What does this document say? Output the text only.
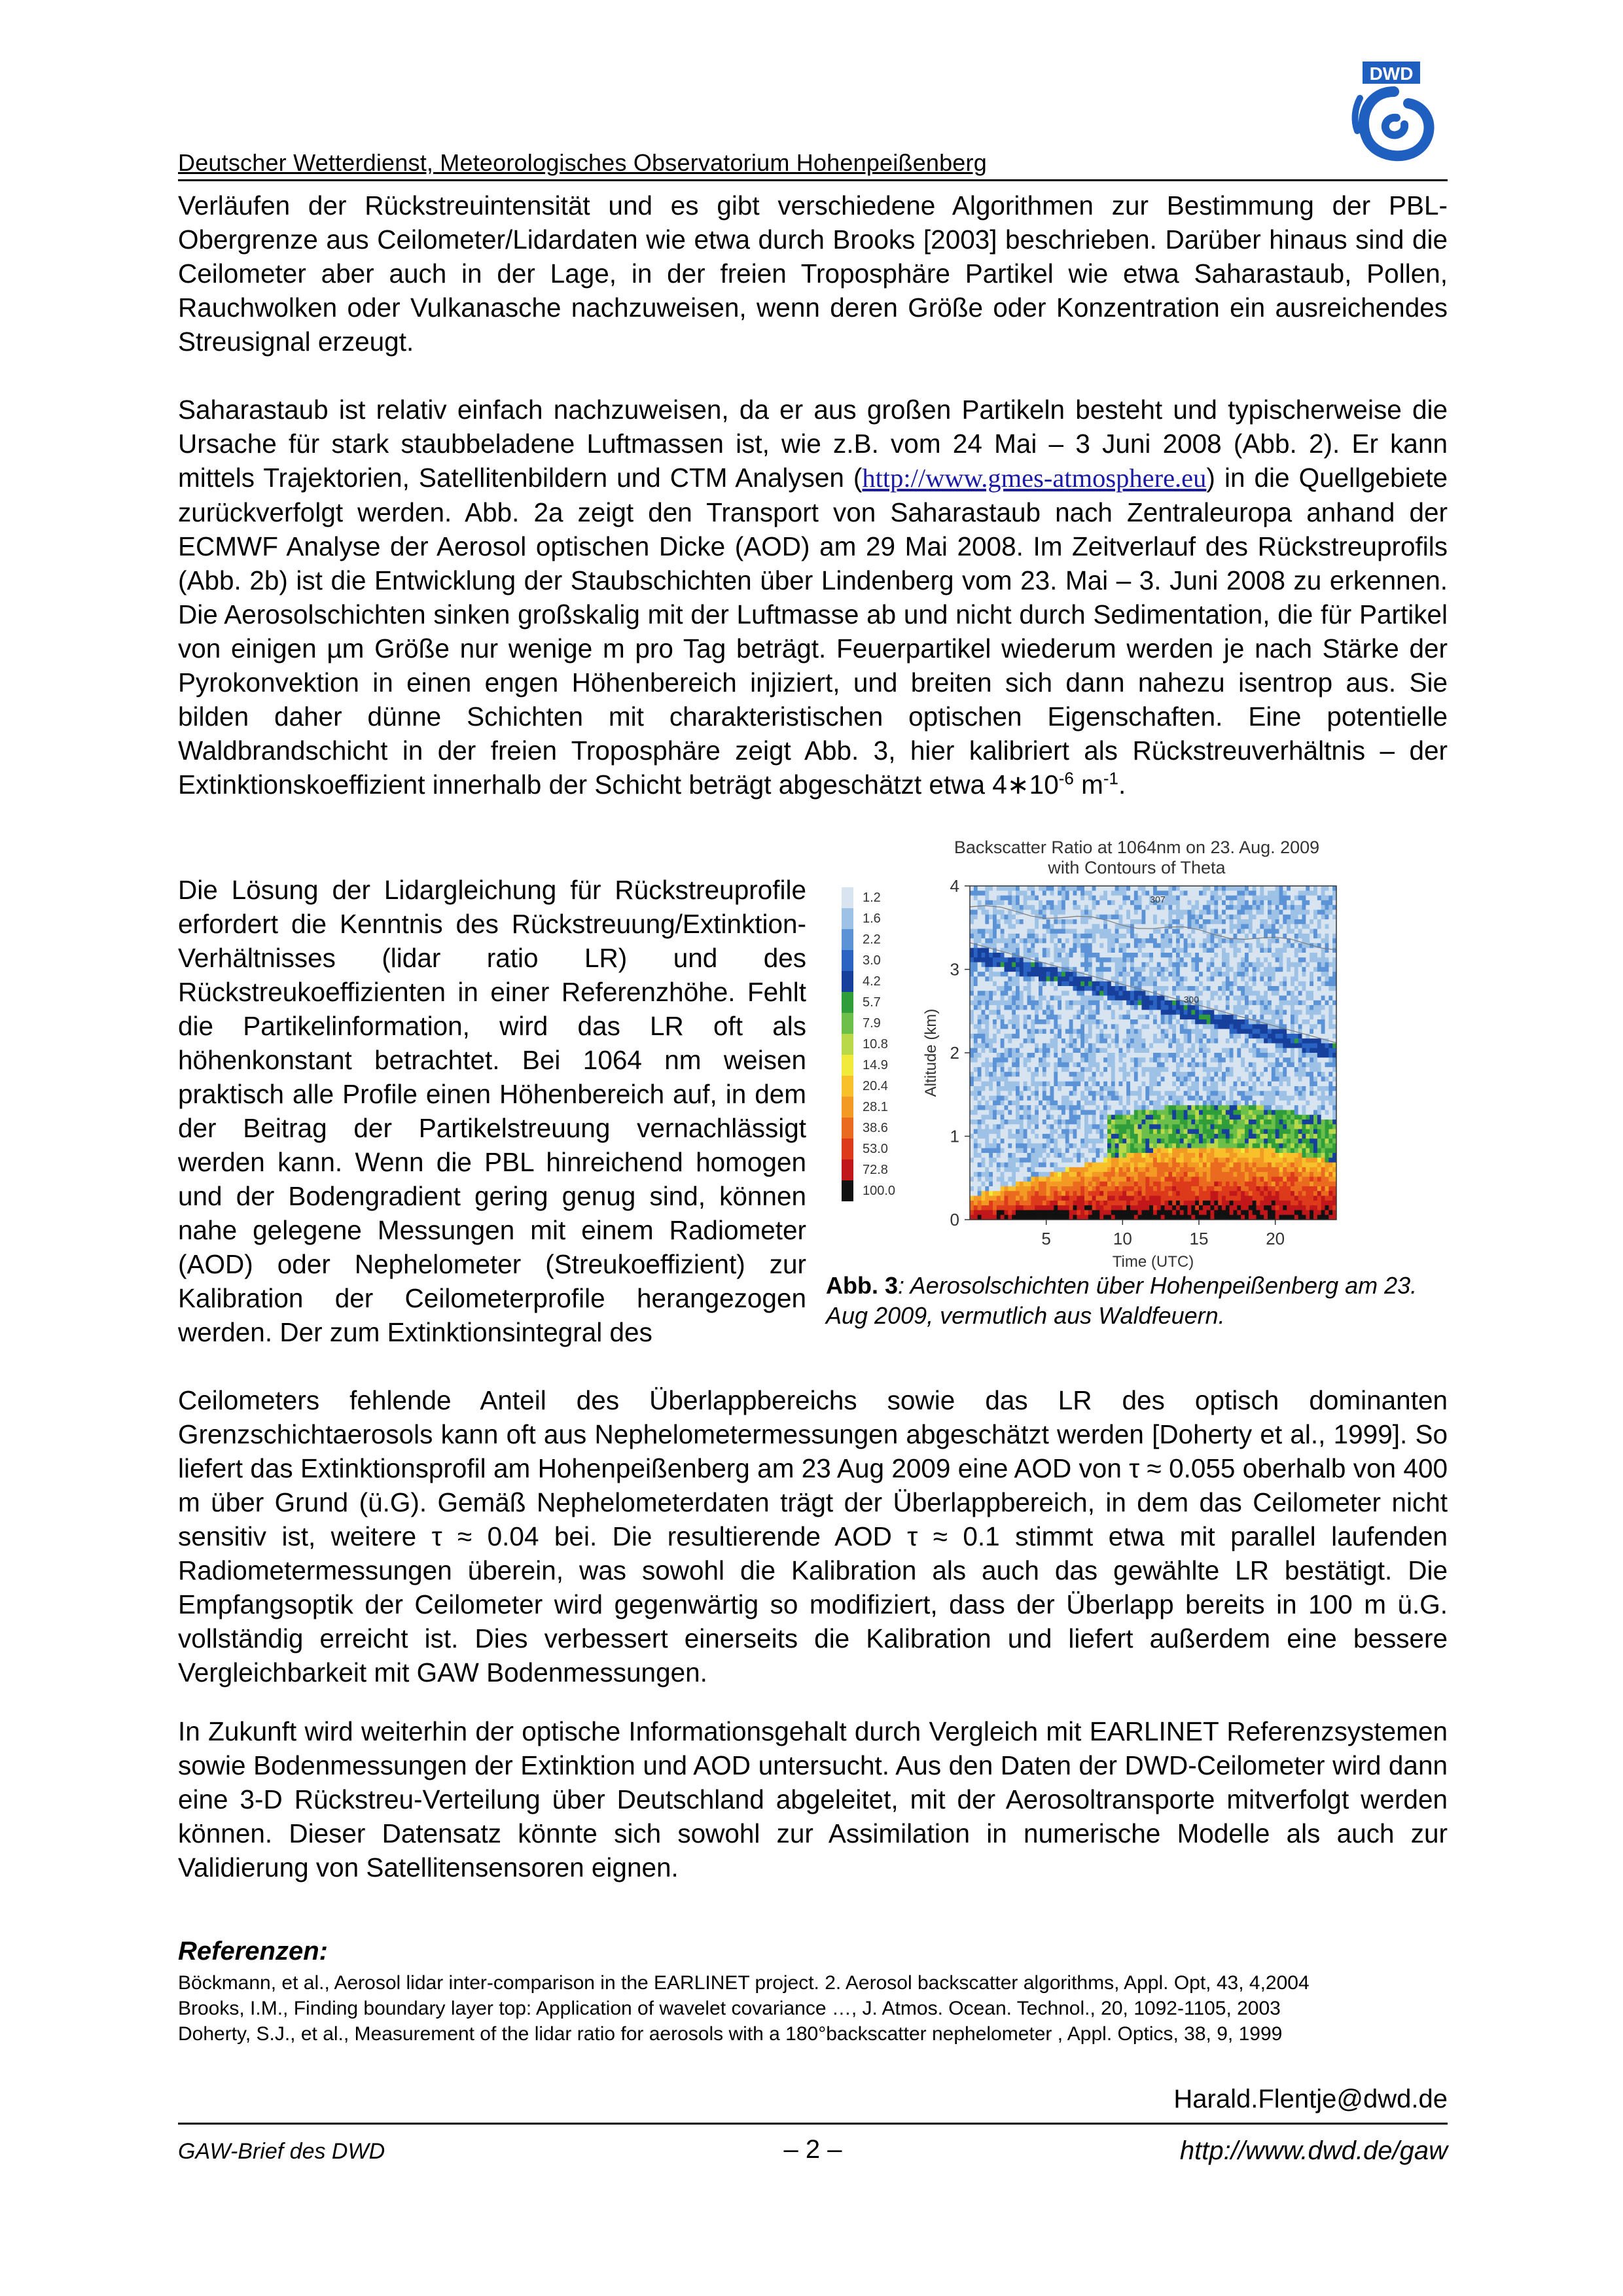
Deutscher Wetterdienst, Meteorologisches Observatorium Hohenpeißenberg
DWD

Verläufen der Rückstreuintensität und es gibt verschiedene Algorithmen zur Bestimmung der PBL-Obergrenze aus Ceilometer/Lidardaten wie etwa durch Brooks [2003] beschrieben. Darüber hinaus sind die Ceilometer aber auch in der Lage, in der freien Troposphäre Partikel wie etwa Saharastaub, Pollen, Rauchwolken oder Vulkanasche nachzuweisen, wenn deren Größe oder Konzentration ein ausreichendes Streusignal erzeugt.

Saharastaub ist relativ einfach nachzuweisen, da er aus großen Partikeln besteht und typischerweise die Ursache für stark staubbeladene Luftmassen ist, wie z.B. vom 24 Mai – 3 Juni 2008 (Abb. 2). Er kann mittels Trajektorien, Satellitenbildern und CTM Analysen (http://www.gmes-atmosphere.eu) in die Quellgebiete zurückverfolgt werden. Abb. 2a zeigt den Transport von Saharastaub nach Zentraleuropa anhand der ECMWF Analyse der Aerosol optischen Dicke (AOD) am 29 Mai 2008. Im Zeitverlauf des Rückstreuprofils (Abb. 2b) ist die Entwicklung der Staubschichten über Lindenberg vom 23. Mai – 3. Juni 2008 zu erkennen. Die Aerosolschichten sinken großskalig mit der Luftmasse ab und nicht durch Sedimentation, die für Partikel von einigen µm Größe nur wenige m pro Tag beträgt. Feuerpartikel wiederum werden je nach Stärke der Pyrokonvektion in einen engen Höhenbereich injiziert, und breiten sich dann nahezu isentrop aus. Sie bilden daher dünne Schichten mit charakteristischen optischen Eigenschaften. Eine potentielle Waldbrandschicht in der freien Troposphäre zeigt Abb. 3, hier kalibriert als Rückstreuverhältnis – der Extinktionskoeffizient innerhalb der Schicht beträgt abgeschätzt etwa $4∗10^{-6}$ $m^{-1}$.

Die Lösung der Lidargleichung für Rückstreuprofile erfordert die Kenntnis des Rückstreuung/Extinktion-Verhältnisses (lidar ratio LR) und des Rückstreukoeffizienten in einer Referenzhöhe. Fehlt die Partikelinformation, wird das LR oft als höhenkonstant betrachtet. Bei 1064 nm weisen praktisch alle Profile einen Höhenbereich auf, in dem der Beitrag der Partikelstreuung vernachlässigt werden kann. Wenn die PBL hinreichend homogen und der Bodengradient gering genug sind, können nahe gelegene Messungen mit einem Radiometer (AOD) oder Nephelometer (Streukoeffizient) zur Kalibration der Ceilometerprofile herangezogen werden. Der zum Extinktionsintegral des

Backscatter Ratio at 1064nm on 23. Aug. 2009
with Contours of Theta
1.2
1.6
2.2
3.0
4.2
5.7
7.9
10.8
14.9
20.4
28.1
38.6
53.0
72.8
100.0
307
300
0
1
2
3
4
5	10	15	20
Time (UTC)
Altitude (km)
Abb. 3: Aerosolschichten über Hohenpeißenberg am 23. Aug 2009, vermutlich aus Waldfeuern.

Ceilometers fehlende Anteil des Überlappbereichs sowie das LR des optisch dominanten Grenzschichtaerosols kann oft aus Nephelometermessungen abgeschätzt werden [Doherty et al., 1999]. So liefert das Extinktionsprofil am Hohenpeißenberg am 23 Aug 2009 eine AOD von τ ≈ 0.055 oberhalb von 400 m über Grund (ü.G). Gemäß Nephelometerdaten trägt der Überlappbereich, in dem das Ceilometer nicht sensitiv ist, weitere τ ≈ 0.04 bei. Die resultierende AOD τ ≈ 0.1 stimmt etwa mit parallel laufenden Radiometermessungen überein, was sowohl die Kalibration als auch das gewählte LR bestätigt. Die Empfangsoptik der Ceilometer wird gegenwärtig so modifiziert, dass der Überlapp bereits in 100 m ü.G. vollständig erreicht ist. Dies verbessert einerseits die Kalibration und liefert außerdem eine bessere Vergleichbarkeit mit GAW Bodenmessungen.

In Zukunft wird weiterhin der optische Informationsgehalt durch Vergleich mit EARLINET Referenzsystemen sowie Bodenmessungen der Extinktion und AOD untersucht. Aus den Daten der DWD-Ceilometer wird dann eine 3-D Rückstreu-Verteilung über Deutschland abgeleitet, mit der Aerosoltransporte mitverfolgt werden können. Dieser Datensatz könnte sich sowohl zur Assimilation in numerische Modelle als auch zur Validierung von Satellitensensoren eignen.

Referenzen:

Böckmann, et al., Aerosol lidar inter-comparison in the EARLINET project. 2. Aerosol backscatter algorithms, Appl. Opt, 43, 4,2004

Brooks, I.M., Finding boundary layer top: Application of wavelet covariance …, J. Atmos. Ocean. Technol., 20, 1092-1105, 2003

Doherty, S.J., et al., Measurement of the lidar ratio for aerosols with a 180°backscatter nephelometer , Appl. Optics, 38, 9, 1999

Harald.Flentje@dwd.de
GAW-Brief des DWD	– 2 –	http://www.dwd.de/gaw
